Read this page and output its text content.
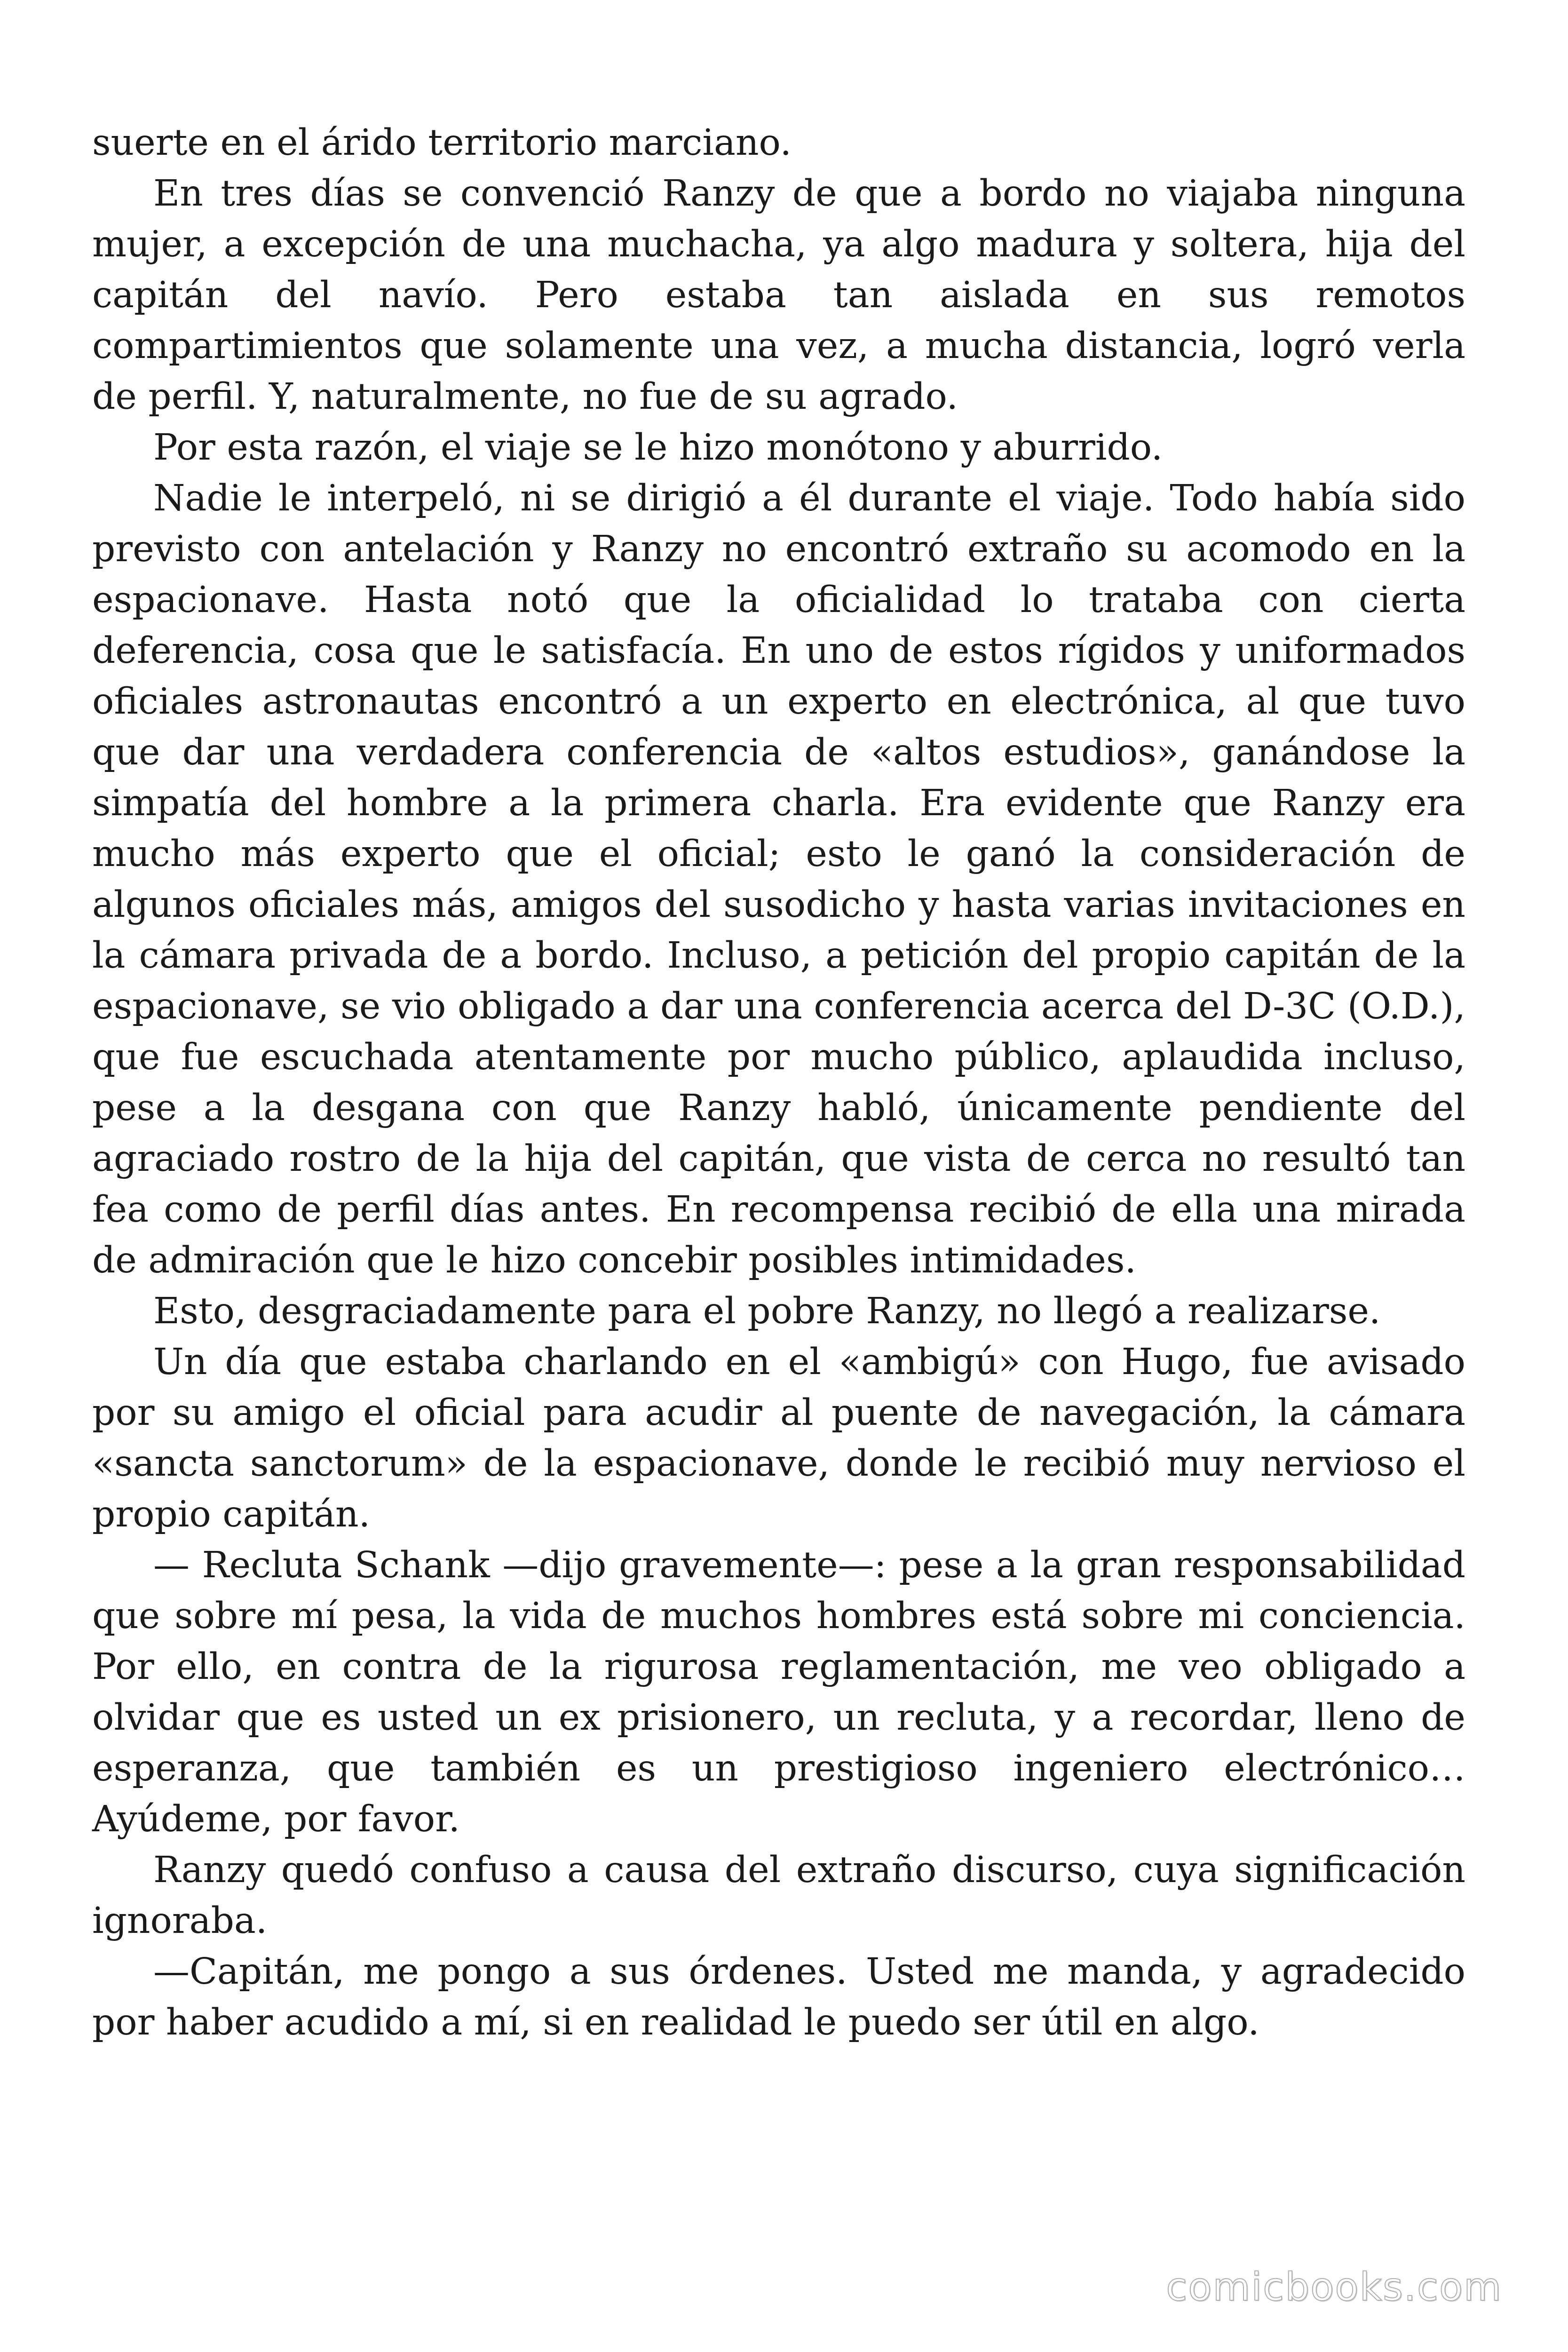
suerte en el árido territorio marciano.

En tres días se convenció Ranzy de que a bordo no viajaba ninguna mujer, a excepción de una muchacha, ya algo madura y soltera, hija del capitán del navío. Pero estaba tan aislada en sus remotos compartimientos que solamente una vez, a mucha distancia, logró verla de perfil. Y, naturalmente, no fue de su agrado.

Por esta razón, el viaje se le hizo monótono y aburrido.

Nadie le interpeló, ni se dirigió a él durante el viaje. Todo había sido previsto con antelación y Ranzy no encontró extraño su acomodo en la espacionave. Hasta notó que la oficialidad lo trataba con cierta deferencia, cosa que le satisfacía. En uno de estos rígidos y uniformados oficiales astronautas encontró a un experto en electrónica, al que tuvo que dar una verdadera conferencia de «altos estudios», ganándose la simpatía del hombre a la primera charla. Era evidente que Ranzy era mucho más experto que el oficial; esto le ganó la consideración de algunos oficiales más, amigos del susodicho y hasta varias invitaciones en la cámara privada de a bordo. Incluso, a petición del propio capitán de la espacionave, se vio obligado a dar una conferencia acerca del D-3C (O.D.), que fue escuchada atentamente por mucho público, aplaudida incluso, pese a la desgana con que Ranzy habló, únicamente pendiente del agraciado rostro de la hija del capitán, que vista de cerca no resultó tan fea como de perfil días antes. En recompensa recibió de ella una mirada de admiración que le hizo concebir posibles intimidades.

Esto, desgraciadamente para el pobre Ranzy, no llegó a realizarse.

Un día que estaba charlando en el «ambigú» con Hugo, fue avisado por su amigo el oficial para acudir al puente de navegación, la cámara «sancta sanctorum» de la espacionave, donde le recibió muy nervioso el propio capitán.

— Recluta Schank —dijo gravemente—: pese a la gran responsabilidad que sobre mí pesa, la vida de muchos hombres está sobre mi conciencia. Por ello, en contra de la rigurosa reglamentación, me veo obligado a olvidar que es usted un ex prisionero, un recluta, y a recordar, lleno de esperanza, que también es un prestigioso ingeniero electrónico… Ayúdeme, por favor.

Ranzy quedó confuso a causa del extraño discurso, cuya significación ignoraba.

—Capitán, me pongo a sus órdenes. Usted me manda, y agradecido por haber acudido a mí, si en realidad le puedo ser útil en algo.

comicbooks.com
